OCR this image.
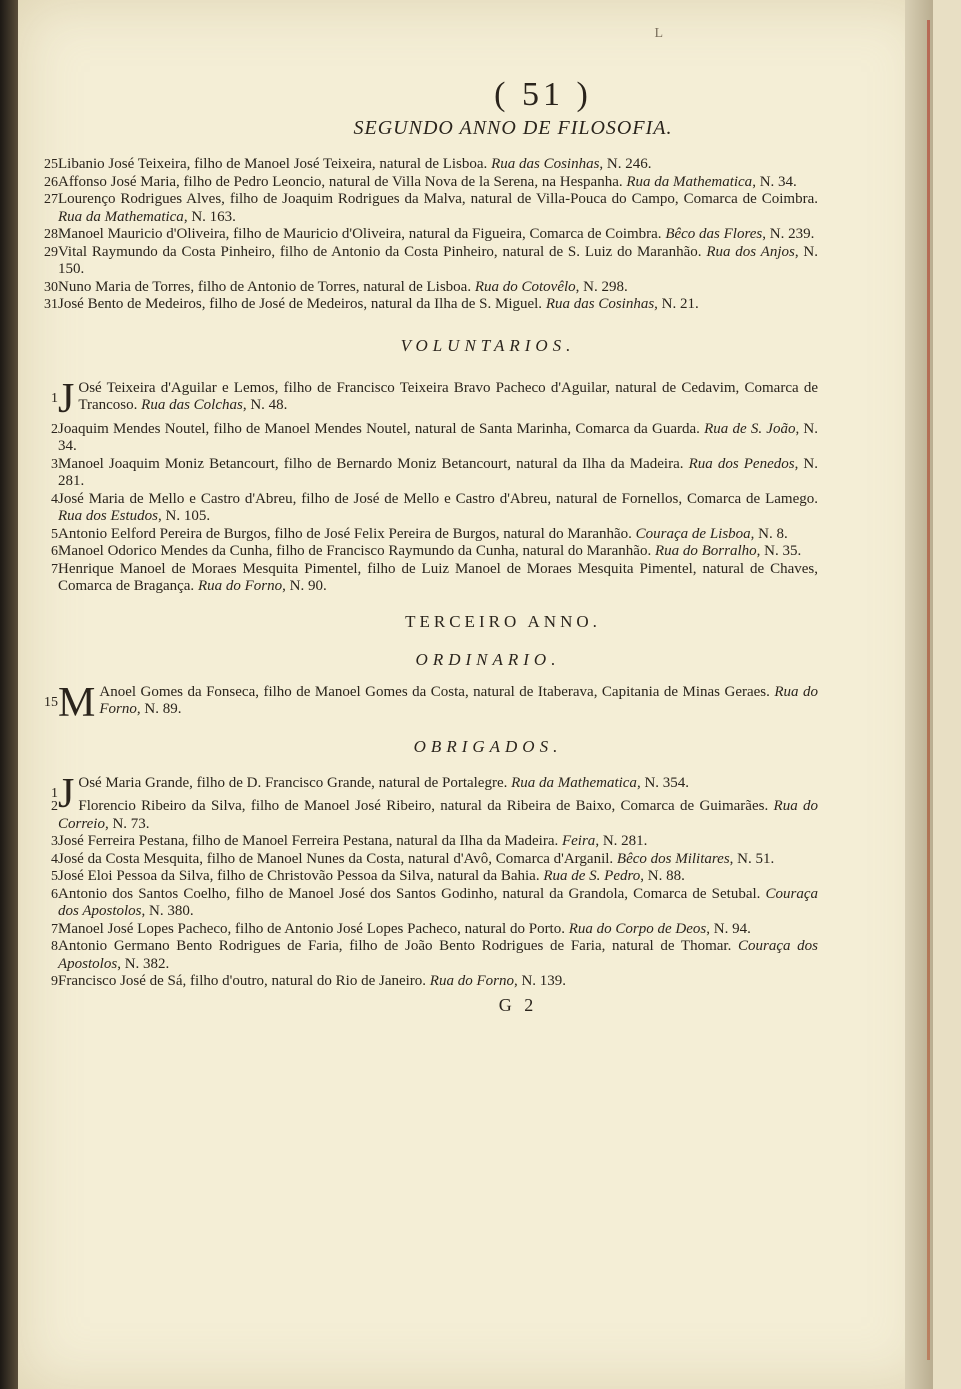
L
( 51 )
SEGUNDO ANNO DE FILOSOFIA.
25 Libanio José Teixeira, filho de Manoel José Teixeira, natural de Lisboa. Rua das Cosinhas, N. 246.
26 Affonso José Maria, filho de Pedro Leoncio, natural de Villa Nova de la Serena, na Hespanha. Rua da Mathematica, N. 34.
27 Lourenço Rodrigues Alves, filho de Joaquim Rodrigues da Malva, natural de Villa-Pouca do Campo, Comarca de Coimbra. Rua da Mathematica, N. 163.
28 Manoel Mauricio d'Oliveira, filho de Mauricio d'Oliveira, natural da Figueira, Comarca de Coimbra. Bêco das Flores, N. 239.
29 Vital Raymundo da Costa Pinheiro, filho de Antonio da Costa Pinheiro, natural de S. Luiz do Maranhão. Rua dos Anjos, N. 150.
30 Nuno Maria de Torres, filho de Antonio de Torres, natural de Lisboa. Rua do Cotovêlo, N. 298.
31 José Bento de Medeiros, filho de José de Medeiros, natural da Ilha de S. Miguel. Rua das Cosinhas, N. 21.
VOLUNTARIOS.
1 J Osé Teixeira d'Aguilar e Lemos, filho de Francisco Teixeira Bravo Pacheco d'Aguilar, natural de Cedavim, Comarca de Trancoso. Rua das Colchas, N. 48.
2 Joaquim Mendes Noutel, filho de Manoel Mendes Noutel, natural de Santa Marinha, Comarca da Guarda. Rua de S. João, N. 34.
3 Manoel Joaquim Moniz Betancourt, filho de Bernardo Moniz Betancourt, natural da Ilha da Madeira. Rua dos Penedos, N. 281.
4 José Maria de Mello e Castro d'Abreu, filho de José de Mello e Castro d'Abreu, natural de Fornellos, Comarca de Lamego. Rua dos Estudos, N. 105.
5 Antonio Eelford Pereira de Burgos, filho de José Felix Pereira de Burgos, natural do Maranhão. Couraça de Lisboa, N. 8.
6 Manoel Odorico Mendes da Cunha, filho de Francisco Raymundo da Cunha, natural do Maranhão. Rua do Borralho, N. 35.
7 Henrique Manoel de Moraes Mesquita Pimentel, filho de Luiz Manoel de Moraes Mesquita Pimentel, natural de Chaves, Comarca de Bragança. Rua do Forno, N. 90.
TERCEIRO ANNO.
ORDINARIO.
15 M Anoel Gomes da Fonseca, filho de Manoel Gomes da Costa, natural de Itaberava, Capitania de Minas Geraes. Rua do Forno, N. 89.
OBRIGADOS.
1 J Osé Maria Grande, filho de D. Francisco Grande, natural de Portalegre. Rua da Mathematica, N. 354.
2	Florencio Ribeiro da Silva, filho de Manoel José Ribeiro, natural da Ribeira de Baixo, Comarca de Guimarães. Rua do Correio, N. 73.
3 José Ferreira Pestana, filho de Manoel Ferreira Pestana, natural da Ilha da Madeira. Feira, N. 281.
4 José da Costa Mesquita, filho de Manoel Nunes da Costa, natural d'Avô, Comarca d'Arganil. Bêco dos Militares, N. 51.
5 José Eloi Pessoa da Silva, filho de Christovão Pessoa da Silva, natural da Bahia. Rua de S. Pedro, N. 88.
6 Antonio dos Santos Coelho, filho de Manoel José dos Santos Godinho, natural da Grandola, Comarca de Setubal. Couraça dos Apostolos, N. 380.
7 Manoel José Lopes Pacheco, filho de Antonio José Lopes Pacheco, natural do Porto. Rua do Corpo de Deos, N. 94.
8 Antonio Germano Bento Rodrigues de Faria, filho de João Bento Rodrigues de Faria, natural de Thomar. Couraça dos Apostolos, N. 382.
9 Francisco José de Sá, filho d'outro, natural do Rio de Janeiro. Rua do Forno, N. 139.
G 2
